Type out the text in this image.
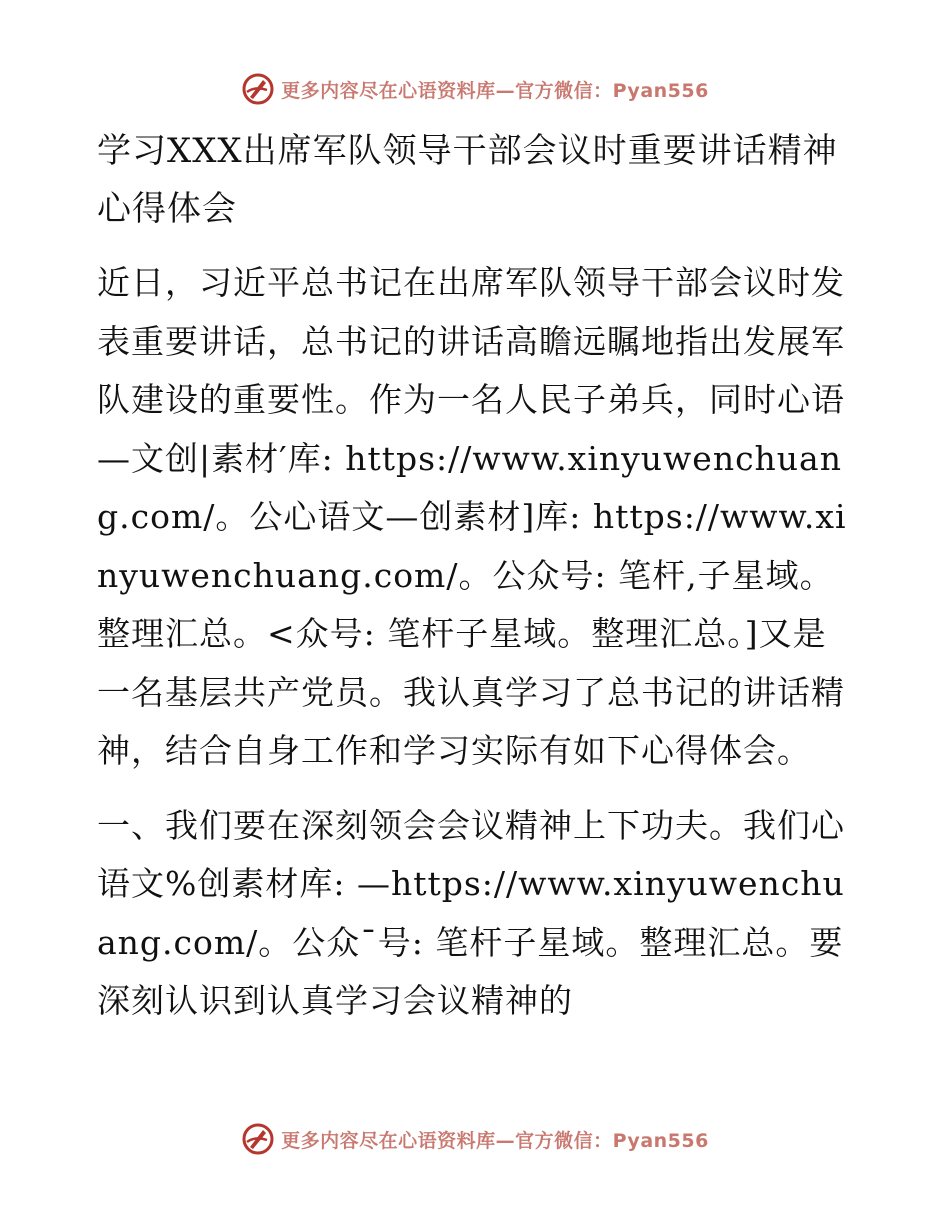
更多内容尽在心语资料库—官方微信：Pyan556
学习XXX出席军队领导干部会议时重要讲话精神心得体会

近日，习近平总书记在出席军队领导干部会议时发表重要讲话，总书记的讲话高瞻远瞩地指出发展军队建设的重要性。作为一名人民子弟兵，同时心语—文创|素材′库: https://www.xinyuwenchuang.com/。公心语文—创素材]库: https://www.xinyuwenchuang.com/。公众号: 笔杆,子星域。整理汇总。<众号: 笔杆子星域。整理汇总。]又是一名基层共产党员。我认真学习了总书记的讲话精神，结合自身工作和学习实际有如下心得体会。

一、我们要在深刻领会会议精神上下功夫。我们心语文%创素材库: —https://www.xinyuwenchuang.com/。公众¯号: 笔杆子星域。整理汇总。要深刻认识到认真学习会议精神的

更多内容尽在心语资料库—官方微信：Pyan556
